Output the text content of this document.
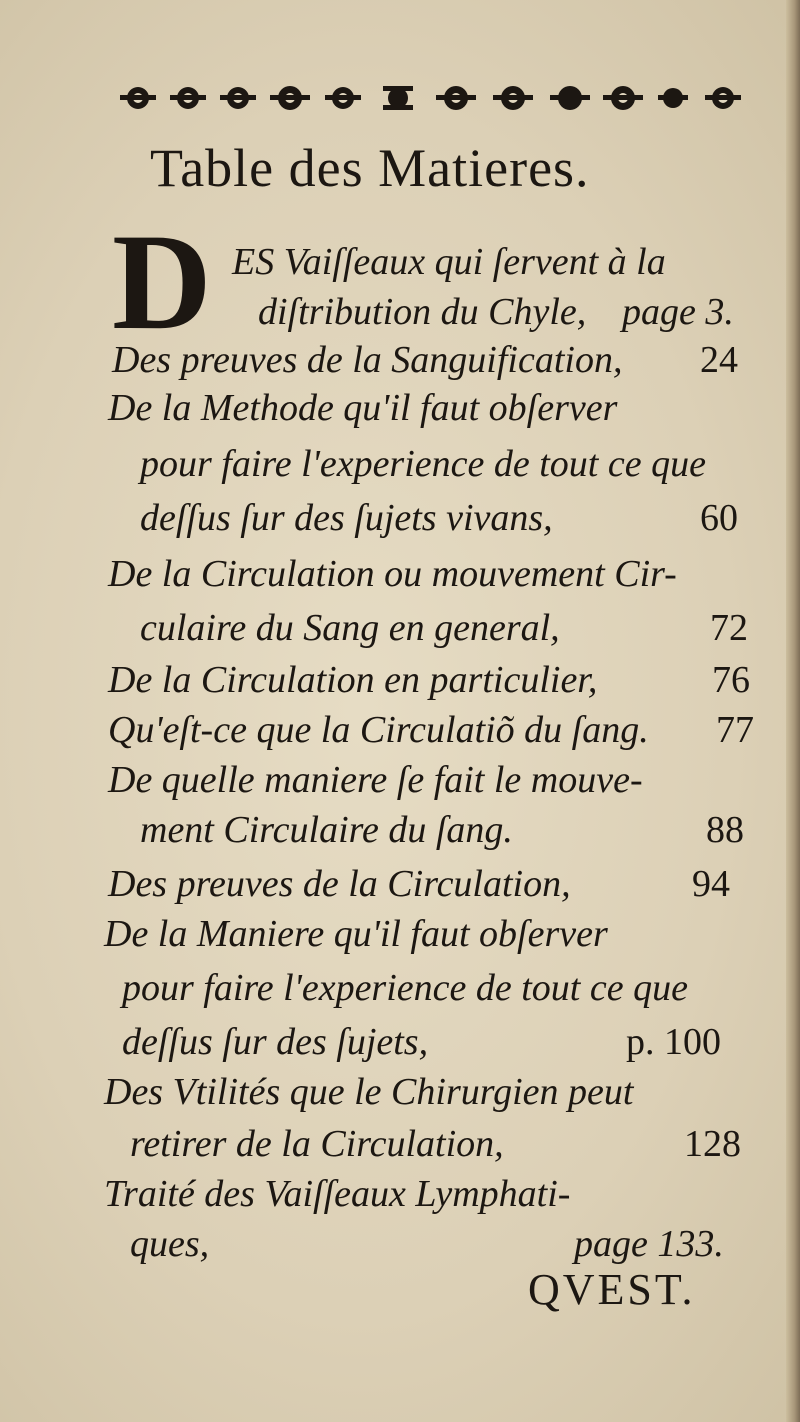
Table des Matieres.
D ES Vaiſſeaux qui ſervent à la
diſtribution du Chyle, page 3.
Des preuves de la Sanguification, 24
De la Methode qu'il faut obſerver
pour faire l'experience de tout ce que
deſſus ſur des ſujets vivans,	60
De la Circulation ou mouvement Cir-
culaire du Sang en general,	72
De la Circulation en particulier,	76
Qu'eſt-ce que la Circulatiõ du ſang. 77
De quelle maniere ſe fait le mouve-
ment Circulaire du ſang.	88
Des preuves de la Circulation,	94
De la Maniere qu'il faut obſerver
pour faire l'experience de tout ce que
deſſus ſur des ſujets,	p. 100
Des Vtilités que le Chirurgien peut
retirer de la Circulation,	128
Traité des Vaiſſeaux Lymphati-
ques,	page 133.
QVEST.
